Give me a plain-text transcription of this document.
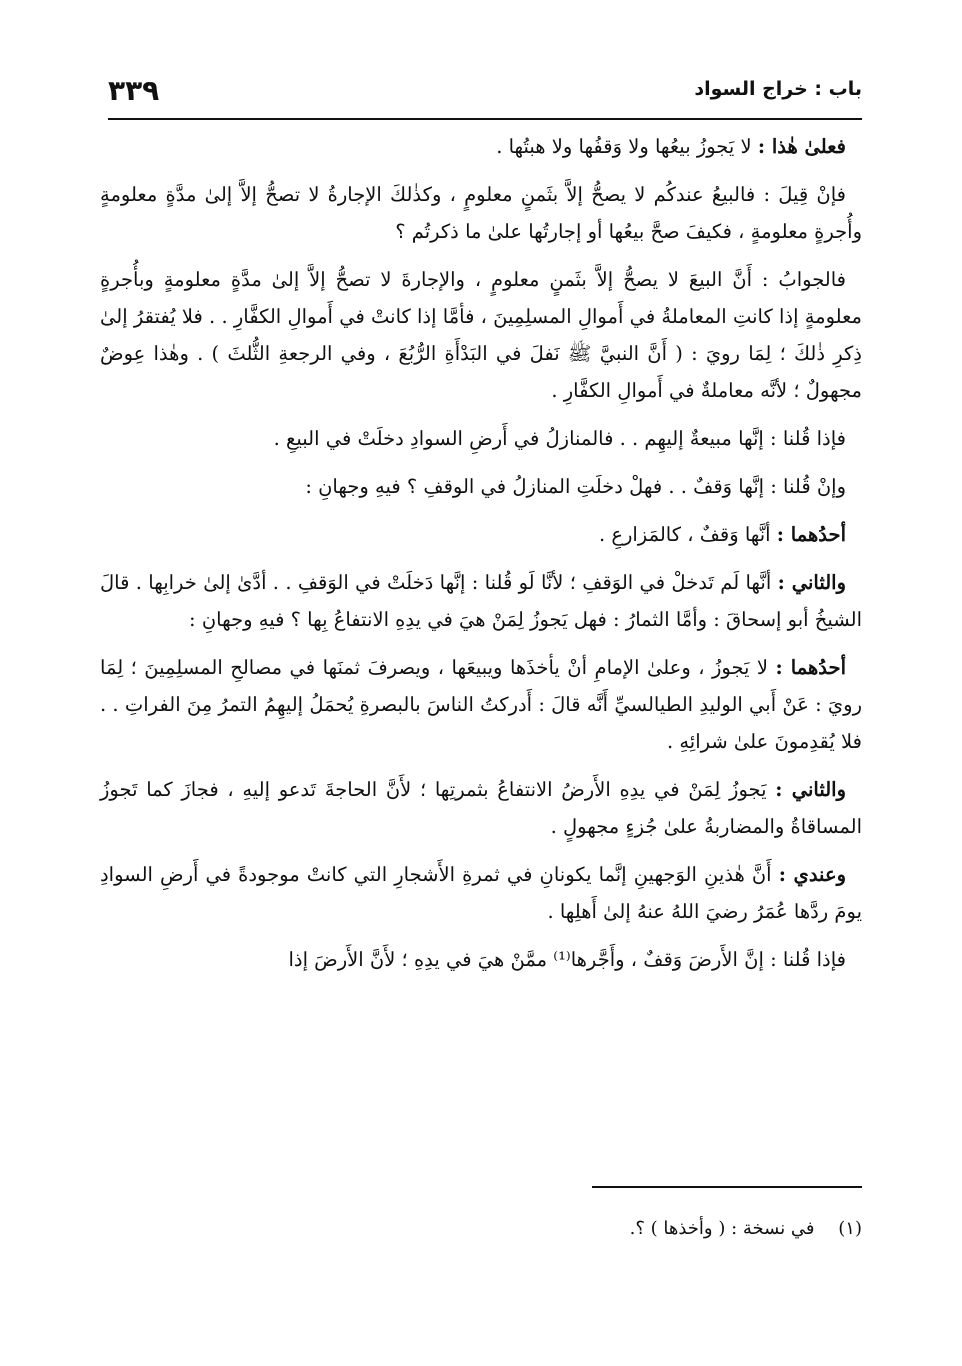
باب : خراج السواد
٣٣٩

فعلىٰ هٰذا : لا يَجوزُ بيعُها ولا وَقفُها ولا هبتُها .

فإنْ قِيلَ : فالبيعُ عندكُم لا يصحُّ إلاَّ بثَمنٍ معلومٍ ، وكذٰلكَ الإجارةُ لا تصحُّ إلاَّ إلىٰ مدَّةٍ معلومةٍ وأُجرةٍ معلومةٍ ، فكيفَ صحَّ بيعُها أو إجارتُها علىٰ ما ذكرتُم ؟

فالجوابُ : أَنَّ البيعَ لا يصحُّ إلاَّ بثَمنٍ معلومٍ ، والإجارةَ لا تصحُّ إلاَّ إلىٰ مدَّةٍ معلومةٍ وبأُجرةٍ معلومةٍ إذا كانتِ المعاملةُ في أَموالِ المسلِمِينَ ، فأمَّا إذا كانتْ في أَموالِ الكفَّارِ . . فلا يُفتقرُ إلىٰ ذِكرِ ذٰلكَ ؛ لِمَا رويَ : ( أَنَّ النبيَّ ﷺ نَفلَ في البَدْأَةِ الرُّبُعَ ، وفي الرجعةِ الثُّلثَ ) . وهٰذا عِوضٌ مجهولٌ ؛ لأنَّه معاملةٌ في أَموالِ الكفَّارِ .

فإذا قُلنا : إنَّها مبيعةٌ إليهِم . . فالمنازلُ في أَرضِ السوادِ دخلَتْ في البيعِ .

وإنْ قُلنا : إنَّها وَقفٌ . . فهلْ دخلَتِ المنازلُ في الوقفِ ؟ فيهِ وجهانِ :

أحدُهما : أنَّها وَقفٌ ، كالمَزارعِ .

والثاني : أنَّها لَم تَدخلْ في الوَقفِ ؛ لأنَّا لَو قُلنا : إنَّها دَخلَتْ في الوَقفِ . . أدَّىٰ إلىٰ خرابِها . قالَ الشيخُ أبو إسحاقَ : وأمَّا الثمارُ : فهل يَجوزُ لِمَنْ هيَ في يدِهِ الانتفاعُ بِها ؟ فيهِ وجهانِ :

أحدُهما : لا يَجوزُ ، وعلىٰ الإمامِ أنْ يأخذَها ويبيعَها ، ويصرفَ ثمنَها في مصالحِ المسلِمِينَ ؛ لِمَا رويَ : عَنْ أَبي الوليدِ الطيالسيِّ أَنَّه قالَ : أَدركتُ الناسَ بالبصرةِ يُحمَلُ إليهِمُ التمرُ مِنَ الفراتِ . . فلا يُقدِمونَ علىٰ شرائِهِ .

والثاني : يَجوزُ لِمَنْ في يدِهِ الأَرضُ الانتفاعُ بثمرتِها ؛ لأَنَّ الحاجةَ تَدعو إليهِ ، فجازَ كما تَجوزُ المساقاةُ والمضاربةُ علىٰ جُزءٍ مجهولٍ .

وعندي : أَنَّ هٰذينِ الوَجهينِ إنَّما يكونانِ في ثمرةِ الأَشجارِ التي كانتْ موجودةً في أَرضِ السوادِ يومَ ردَّها عُمَرُ رضيَ اللهُ عنهُ إلىٰ أَهلِها .

فإذا قُلنا : إنَّ الأَرضَ وَقفٌ ، وأَجَّرها⁽¹⁾ ممَّنْ هيَ في يدِهِ ؛ لأَنَّ الأَرضَ إذا

(١) في نسخة : ( وأخذها ) ؟.
